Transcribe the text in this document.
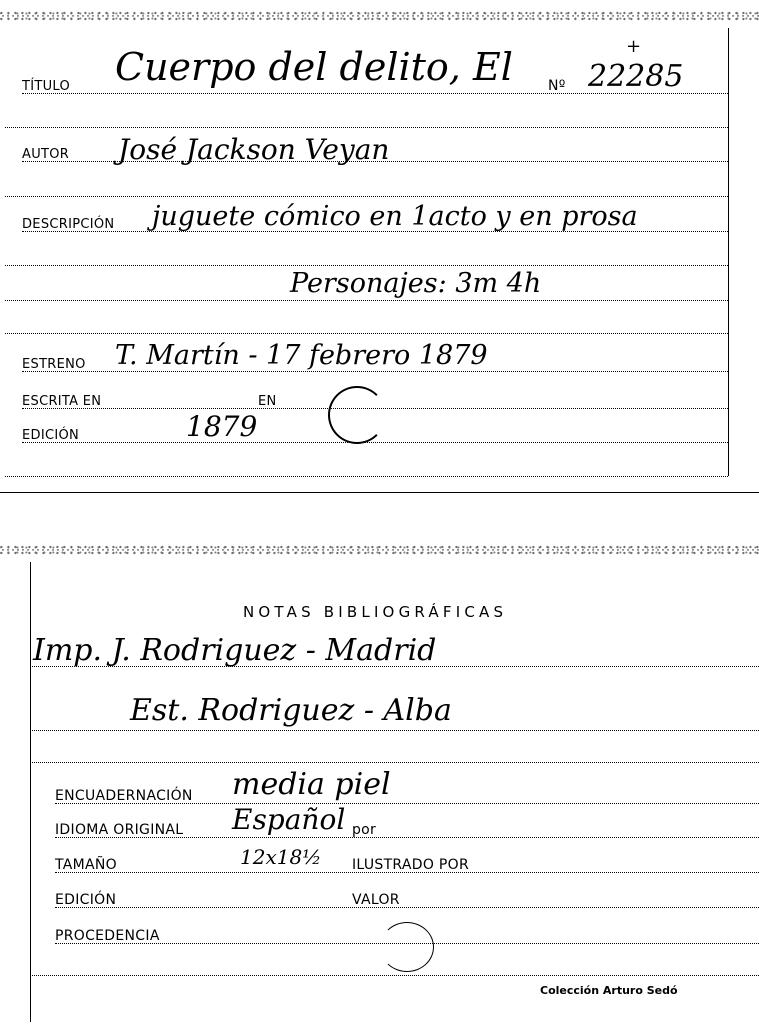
TÍTULO Cuerpo del delito, El	Nº 22285
+
AUTOR José Jackson Veyan
DESCRIPCIÓN juguete cómico en 1acto y en prosa
Personajes: 3m 4h
ESTRENO T. Martín - 17 febrero 1879
ESCRITA EN	EN
EDICIÓN	1879
NOTAS BIBLIOGRÁFICAS
Imp. J. Rodriguez - Madrid
Est. Rodriguez - Alba
ENCUADERNACIÓN media piel
IDIOMA ORIGINAL Español por
TAMAÑO	12x18½ ILUSTRADO POR
EDICIÓN	VALOR
PROCEDENCIA
Colección Arturo Sedó
